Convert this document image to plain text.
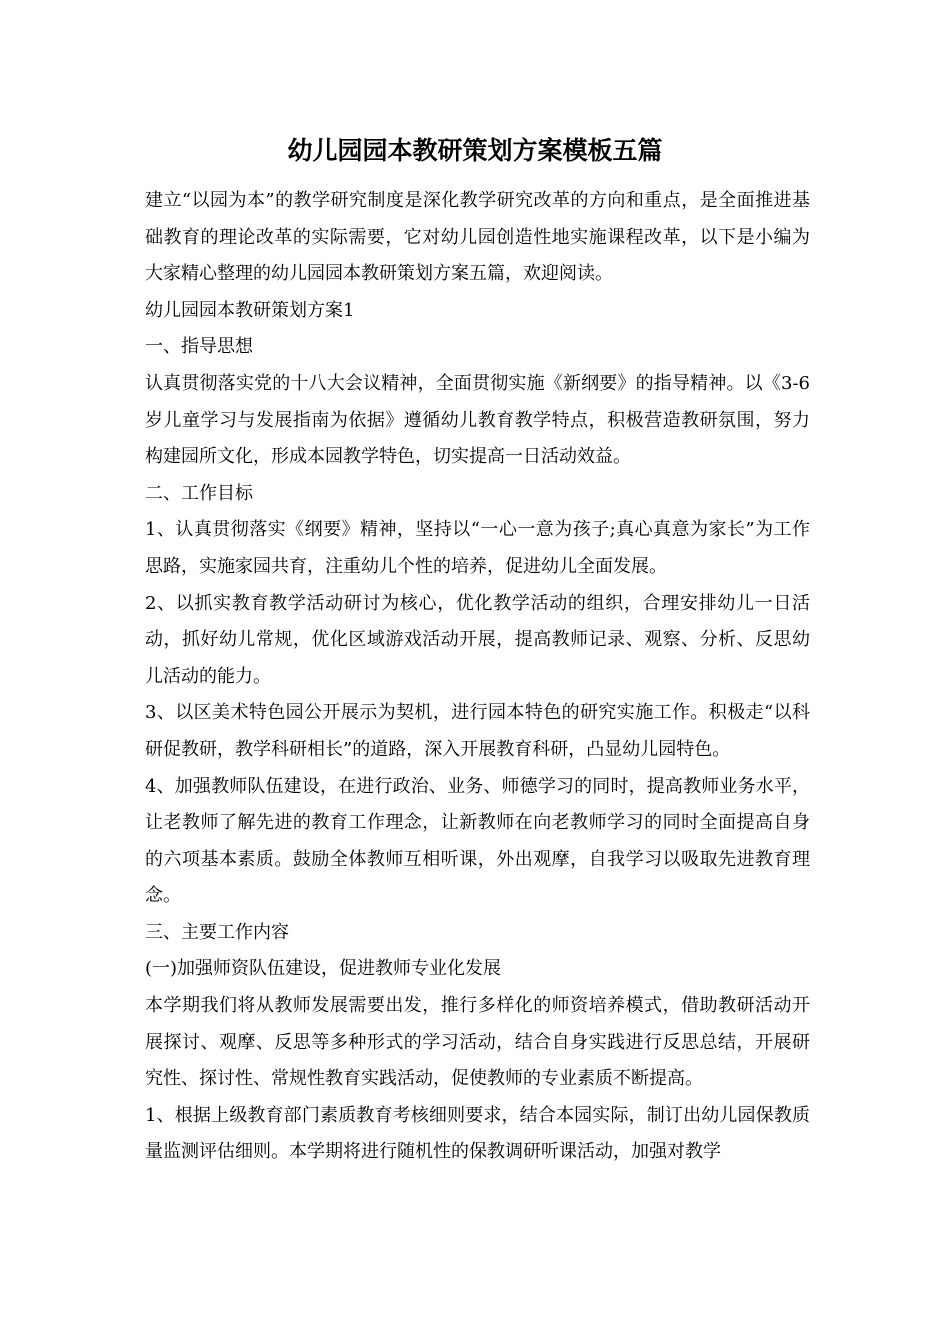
幼儿园园本教研策划方案模板五篇

建立“以园为本”的教学研究制度是深化教学研究改革的方向和重点，是全面推进基础教育的理论改革的实际需要，它对幼儿园创造性地实施课程改革，以下是小编为大家精心整理的幼儿园园本教研策划方案五篇，欢迎阅读。

幼儿园园本教研策划方案1

一、指导思想

认真贯彻落实党的十八大会议精神，全面贯彻实施《新纲要》的指导精神。以《3-6岁儿童学习与发展指南为依据》遵循幼儿教育教学特点，积极营造教研氛围，努力构建园所文化，形成本园教学特色，切实提高一日活动效益。

二、工作目标

1、认真贯彻落实《纲要》精神，坚持以“一心一意为孩子;真心真意为家长”为工作思路，实施家园共育，注重幼儿个性的培养，促进幼儿全面发展。

2、以抓实教育教学活动研讨为核心，优化教学活动的组织，合理安排幼儿一日活动，抓好幼儿常规，优化区域游戏活动开展，提高教师记录、观察、分析、反思幼儿活动的能力。

3、以区美术特色园公开展示为契机，进行园本特色的研究实施工作。积极走“以科研促教研，教学科研相长”的道路，深入开展教育科研，凸显幼儿园特色。

4、加强教师队伍建设，在进行政治、业务、师德学习的同时，提高教师业务水平，让老教师了解先进的教育工作理念，让新教师在向老教师学习的同时全面提高自身的六项基本素质。鼓励全体教师互相听课，外出观摩，自我学习以吸取先进教育理念。

三、主要工作内容

(一)加强师资队伍建设，促进教师专业化发展

本学期我们将从教师发展需要出发，推行多样化的师资培养模式，借助教研活动开展探讨、观摩、反思等多种形式的学习活动，结合自身实践进行反思总结，开展研究性、探讨性、常规性教育实践活动，促使教师的专业素质不断提高。

1、根据上级教育部门素质教育考核细则要求，结合本园实际，制订出幼儿园保教质量监测评估细则。本学期将进行随机性的保教调研听课活动，加强对教学
